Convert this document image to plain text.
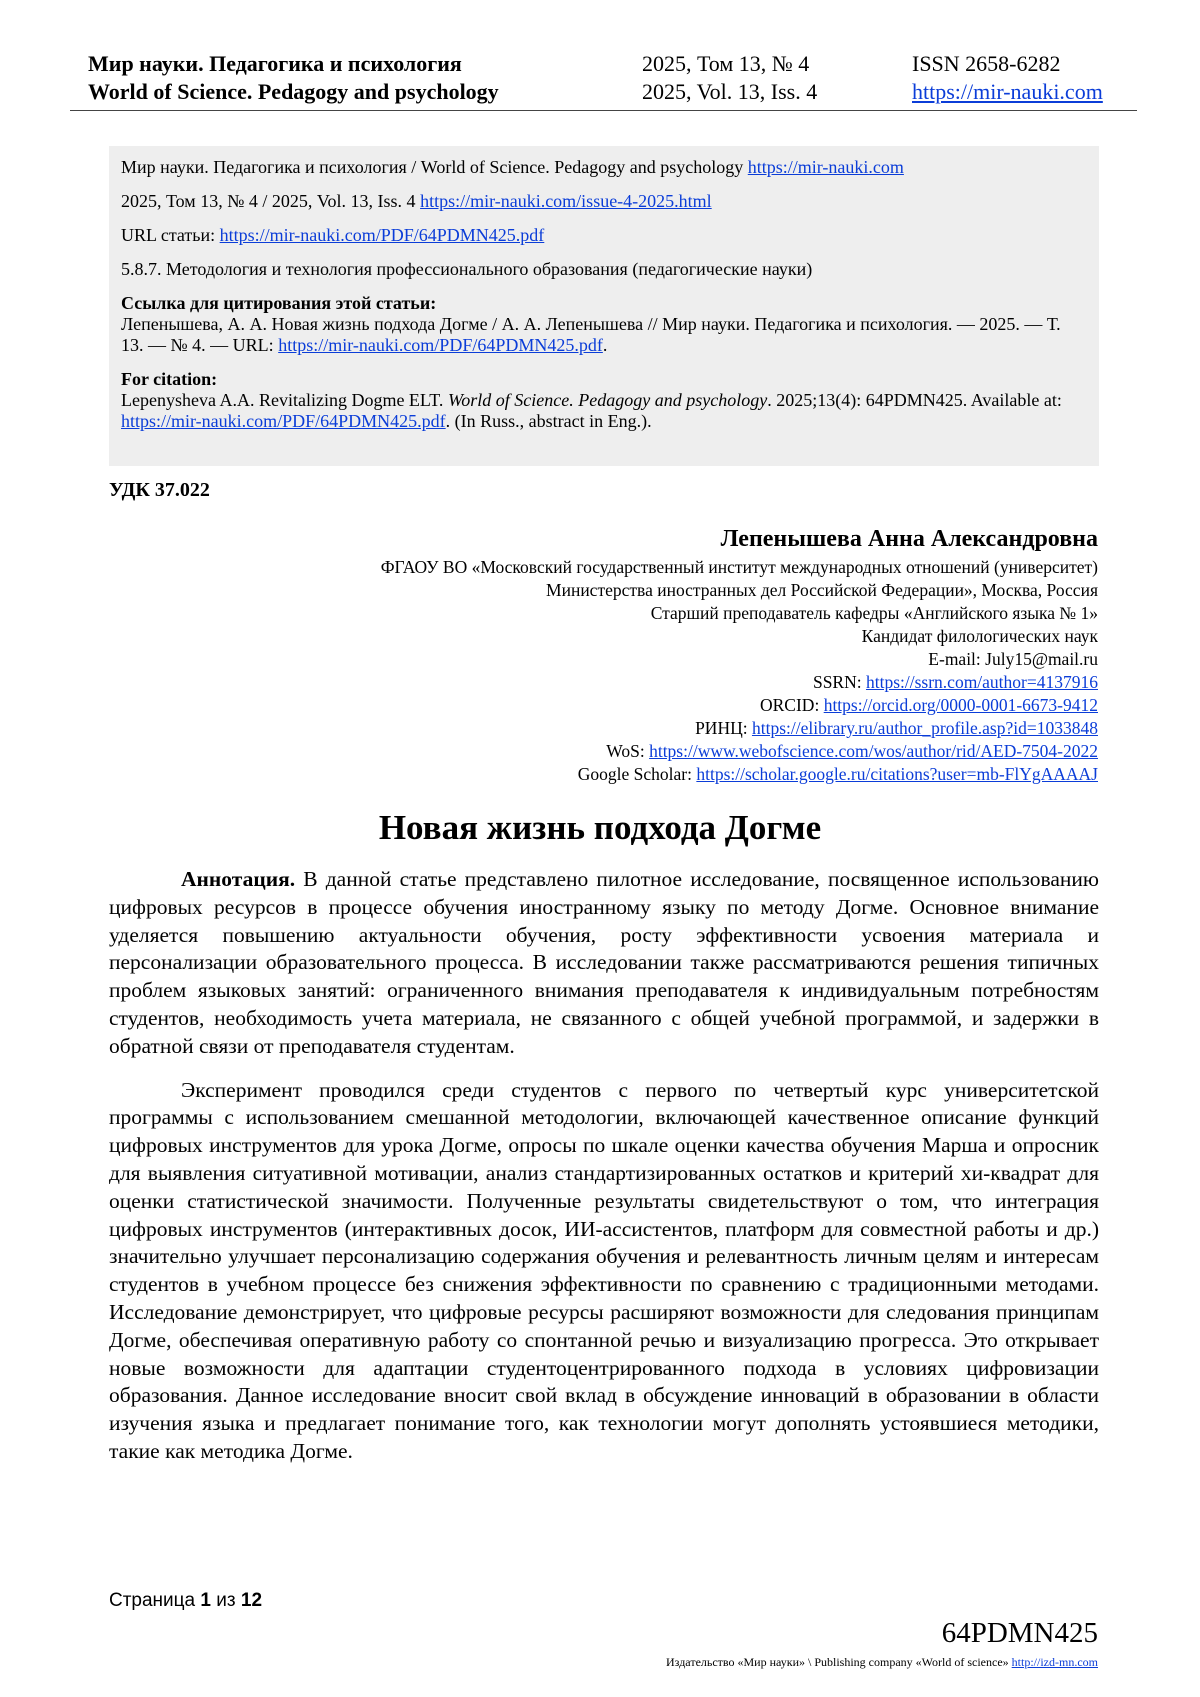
Мир науки. Педагогика и психология	2025, Том 13, № 4	ISSN 2658-6282
World of Science. Pedagogy and psychology	2025, Vol. 13, Iss. 4	https://mir-nauki.com

Мир науки. Педагогика и психология / World of Science. Pedagogy and psychology https://mir-nauki.com

2025, Том 13, № 4 / 2025, Vol. 13, Iss. 4 https://mir-nauki.com/issue-4-2025.html

URL статьи: https://mir-nauki.com/PDF/64PDMN425.pdf

5.8.7. Методология и технология профессионального образования (педагогические науки)

Ссылка для цитирования этой статьи:

Лепенышева, А. А. Новая жизнь подхода Догме / А. А. Лепенышева // Мир науки. Педагогика и психология. — 2025. — Т. 13. — № 4. — URL: https://mir-nauki.com/PDF/64PDMN425.pdf.

For citation:

Lepenysheva A.A. Revitalizing Dogme ELT. World of Science. Pedagogy and psychology. 2025;13(4): 64PDMN425. Available at: https://mir-nauki.com/PDF/64PDMN425.pdf. (In Russ., abstract in Eng.).

УДК 37.022
Лепенышева Анна Александровна
ФГАОУ ВО «Московский государственный институт международных отношений (университет)
Министерства иностранных дел Российской Федерации», Москва, Россия
Старший преподаватель кафедры «Английского языка № 1»
Кандидат филологических наук
E-mail: July15@mail.ru
SSRN: https://ssrn.com/author=4137916
ORCID: https://orcid.org/0000-0001-6673-9412
РИНЦ: https://elibrary.ru/author_profile.asp?id=1033848
WoS: https://www.webofscience.com/wos/author/rid/AED-7504-2022
Google Scholar: https://scholar.google.ru/citations?user=mb-FlYgAAAAJ
Новая жизнь подхода Догме

Аннотация. В данной статье представлено пилотное исследование, посвященное использованию цифровых ресурсов в процессе обучения иностранному языку по методу Догме. Основное внимание уделяется повышению актуальности обучения, росту эффективности усвоения материала и персонализации образовательного процесса. В исследовании также рассматриваются решения типичных проблем языковых занятий: ограниченного внимания преподавателя к индивидуальным потребностям студентов, необходимость учета материала, не связанного с общей учебной программой, и задержки в обратной связи от преподавателя студентам.

Эксперимент проводился среди студентов с первого по четвертый курс университетской программы с использованием смешанной методологии, включающей качественное описание функций цифровых инструментов для урока Догме, опросы по шкале оценки качества обучения Марша и опросник для выявления ситуативной мотивации, анализ стандартизированных остатков и критерий хи-квадрат для оценки статистической значимости. Полученные результаты свидетельствуют о том, что интеграция цифровых инструментов (интерактивных досок, ИИ-ассистентов, платформ для совместной работы и др.) значительно улучшает персонализацию содержания обучения и релевантность личным целям и интересам студентов в учебном процессе без снижения эффективности по сравнению с традиционными методами. Исследование демонстрирует, что цифровые ресурсы расширяют возможности для следования принципам Догме, обеспечивая оперативную работу со спонтанной речью и визуализацию прогресса. Это открывает новые возможности для адаптации студентоцентрированного подхода в условиях цифровизации образования. Данное исследование вносит свой вклад в обсуждение инноваций в образовании в области изучения языка и предлагает понимание того, как технологии могут дополнять устоявшиеся методики, такие как методика Догме.

Страница 1 из 12
64PDMN425
Издательство «Мир науки» \ Publishing company «World of science» http://izd-mn.com
